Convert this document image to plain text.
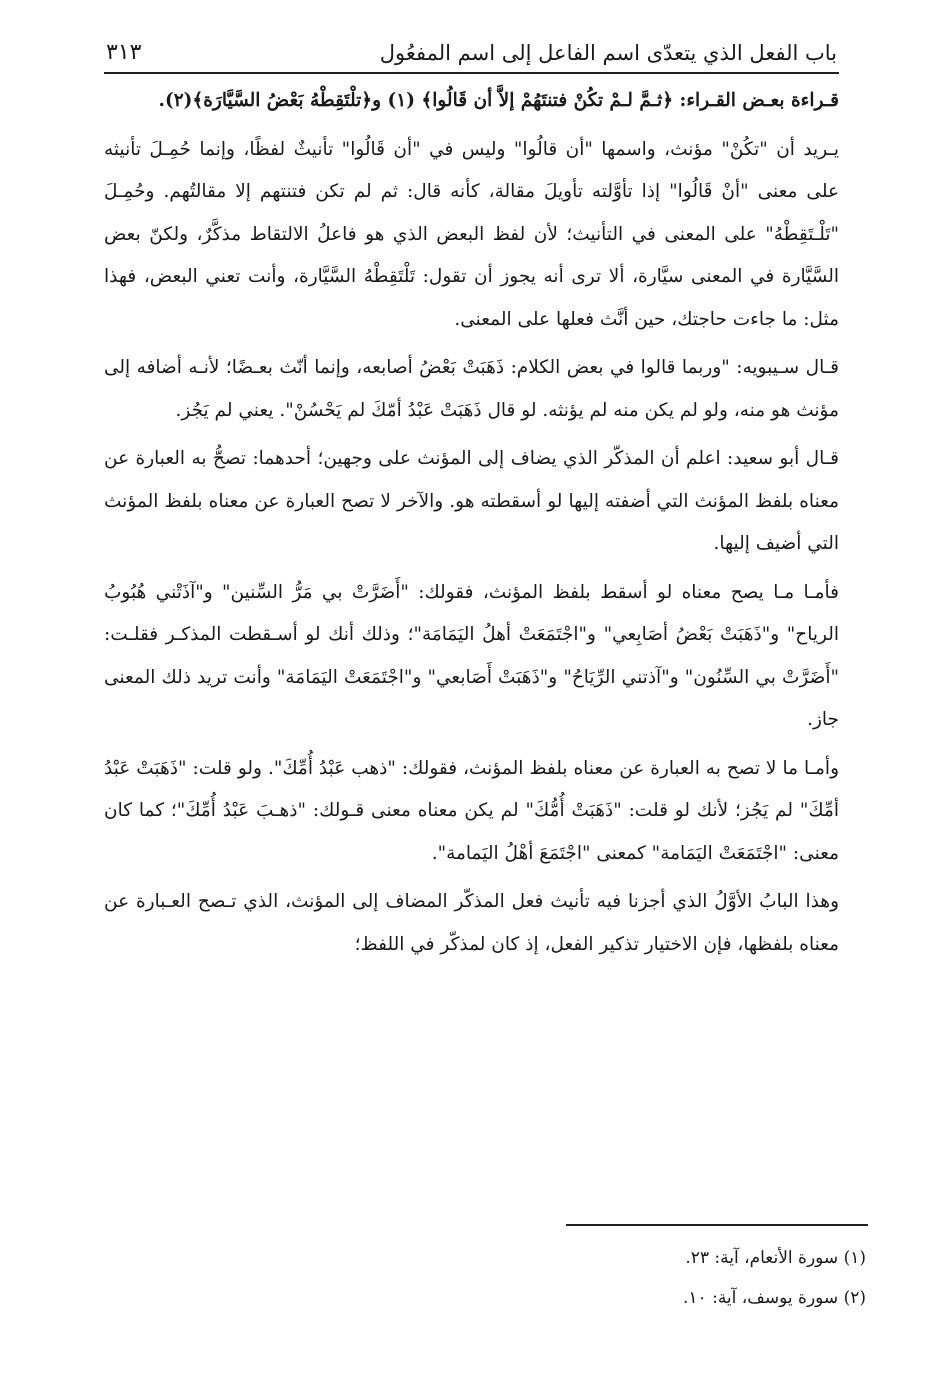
باب الفعل الذي يتعدّى اسم الفاعل إلى اسم المفعُول
٣١٣

قـراءة بعـض القـراء: ﴿ثـمَّ لـمْ تكُنْ فتنتَهُمْ إلاَّ أن قَالُوا﴾ (١) و﴿تلْتَقِطْهُ بَعْضُ السَّيَّارَة﴾(٢).

يـريد أن "تكُنْ" مؤنث، واسمها "أن قالُوا" وليس في "أن قَالُوا" تأنيثٌ لفظًا، وإنما حُمِـلَ تأنيثه على معنى "أنْ قَالُوا" إذا تأوَّلته تأويلَ مقالة، كأنه قال: ثم لم تكن فتنتهم إلا مقالتُهم. وحُمِـلَ "تَلْـتَقِطْهُ" على المعنى في التأنيث؛ لأن لفظ البعض الذي هو فاعلُ الالتقاط مذكَّرٌ، ولكنّ بعض السَّيَّارة في المعنى سيَّارة، ألا ترى أنه يجوز أن تقول: تَلْتَقِطْهُ السَّيَّارة، وأنت تعني البعض، فهذا مثل: ما جاءت حاجتك، حين أنَّث فعلها على المعنى.

قـال سـيبويه: "وربما قالوا في بعض الكلام: ذَهَبَتْ بَعْضُ أصابعه، وإنما أنّث بعـضًا؛ لأنـه أضافه إلى مؤنث هو منه، ولو لم يكن منه لم يؤنثه. لو قال ذَهَبَتْ عَبْدُ أمّكَ لم يَحْسُنْ". يعني لم يَجُز.

قـال أبو سعيد: اعلم أن المذكّر الذي يضاف إلى المؤنث على وجهين؛ أحدهما: تصحُّ به العبارة عن معناه بلفظ المؤنث التي أضفته إليها لو أسقطته هو. والآخر لا تصح العبارة عن معناه بلفظ المؤنث التي أضيف إليها.

فأمـا مـا يصح معناه لو أسقط بلفظ المؤنث، فقولك: "أَضَرَّتْ بي مَرُّ السِّنين" و"آذَتْني هُبُوبُ الرياح" و"ذَهَبَتْ بَعْضُ أصَابِعي" و"اجْتَمَعَتْ أهلُ اليَمَامَة"؛ وذلك أنك لو أسـقطت المذكـر فقلـت: "أَضَرَّتْ بي السِّنُون" و"آذتني الرِّيَاحُ" و"ذَهَبَتْ أَصَابعي" و"اجْتَمَعَتْ اليَمَامَة" وأنت تريد ذلك المعنى جاز.

وأمـا ما لا تصح به العبارة عن معناه بلفظ المؤنث، فقولك: "ذهب عَبْدُ أُمِّكَ". ولو قلت: "ذَهَبَتْ عَبْدُ أمِّكَ" لم يَجُز؛ لأنك لو قلت: "ذَهَبَتْ أُمُّكَ" لم يكن معناه معنى قـولك: "ذهـبَ عَبْدُ أُمِّكَ"؛ كما كان معنى: "اجْتَمَعَتْ اليَمَامة" كمعنى "اجْتَمَعَ أهْلُ اليَمامة".

وهذا البابُ الأوَّلُ الذي أجزنا فيه تأنيث فعل المذكّر المضاف إلى المؤنث، الذي تـصح العـبارة عن معناه بلفظها، فإن الاختيار تذكير الفعل، إذ كان لمذكّر في اللفظ؛

(١) سورة الأنعام، آية: ٢٣.

(٢) سورة يوسف، آية: ١٠.
